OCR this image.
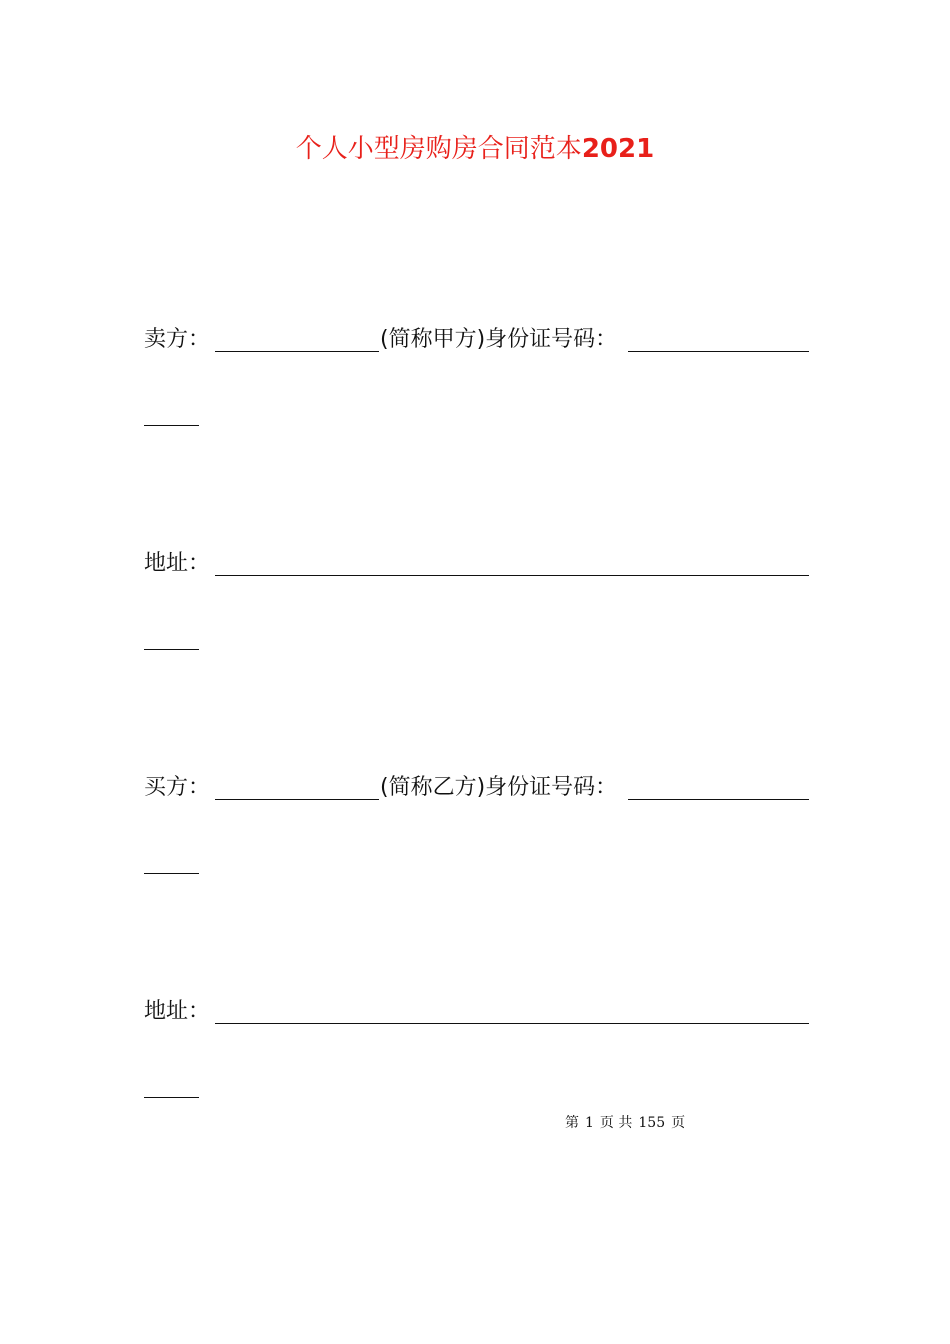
个人小型房购房合同范本2021
卖方：	(简称甲方)身份证号码：
地址：
买方：	(简称乙方)身份证号码：
地址：
第 1 页 共 155 页
